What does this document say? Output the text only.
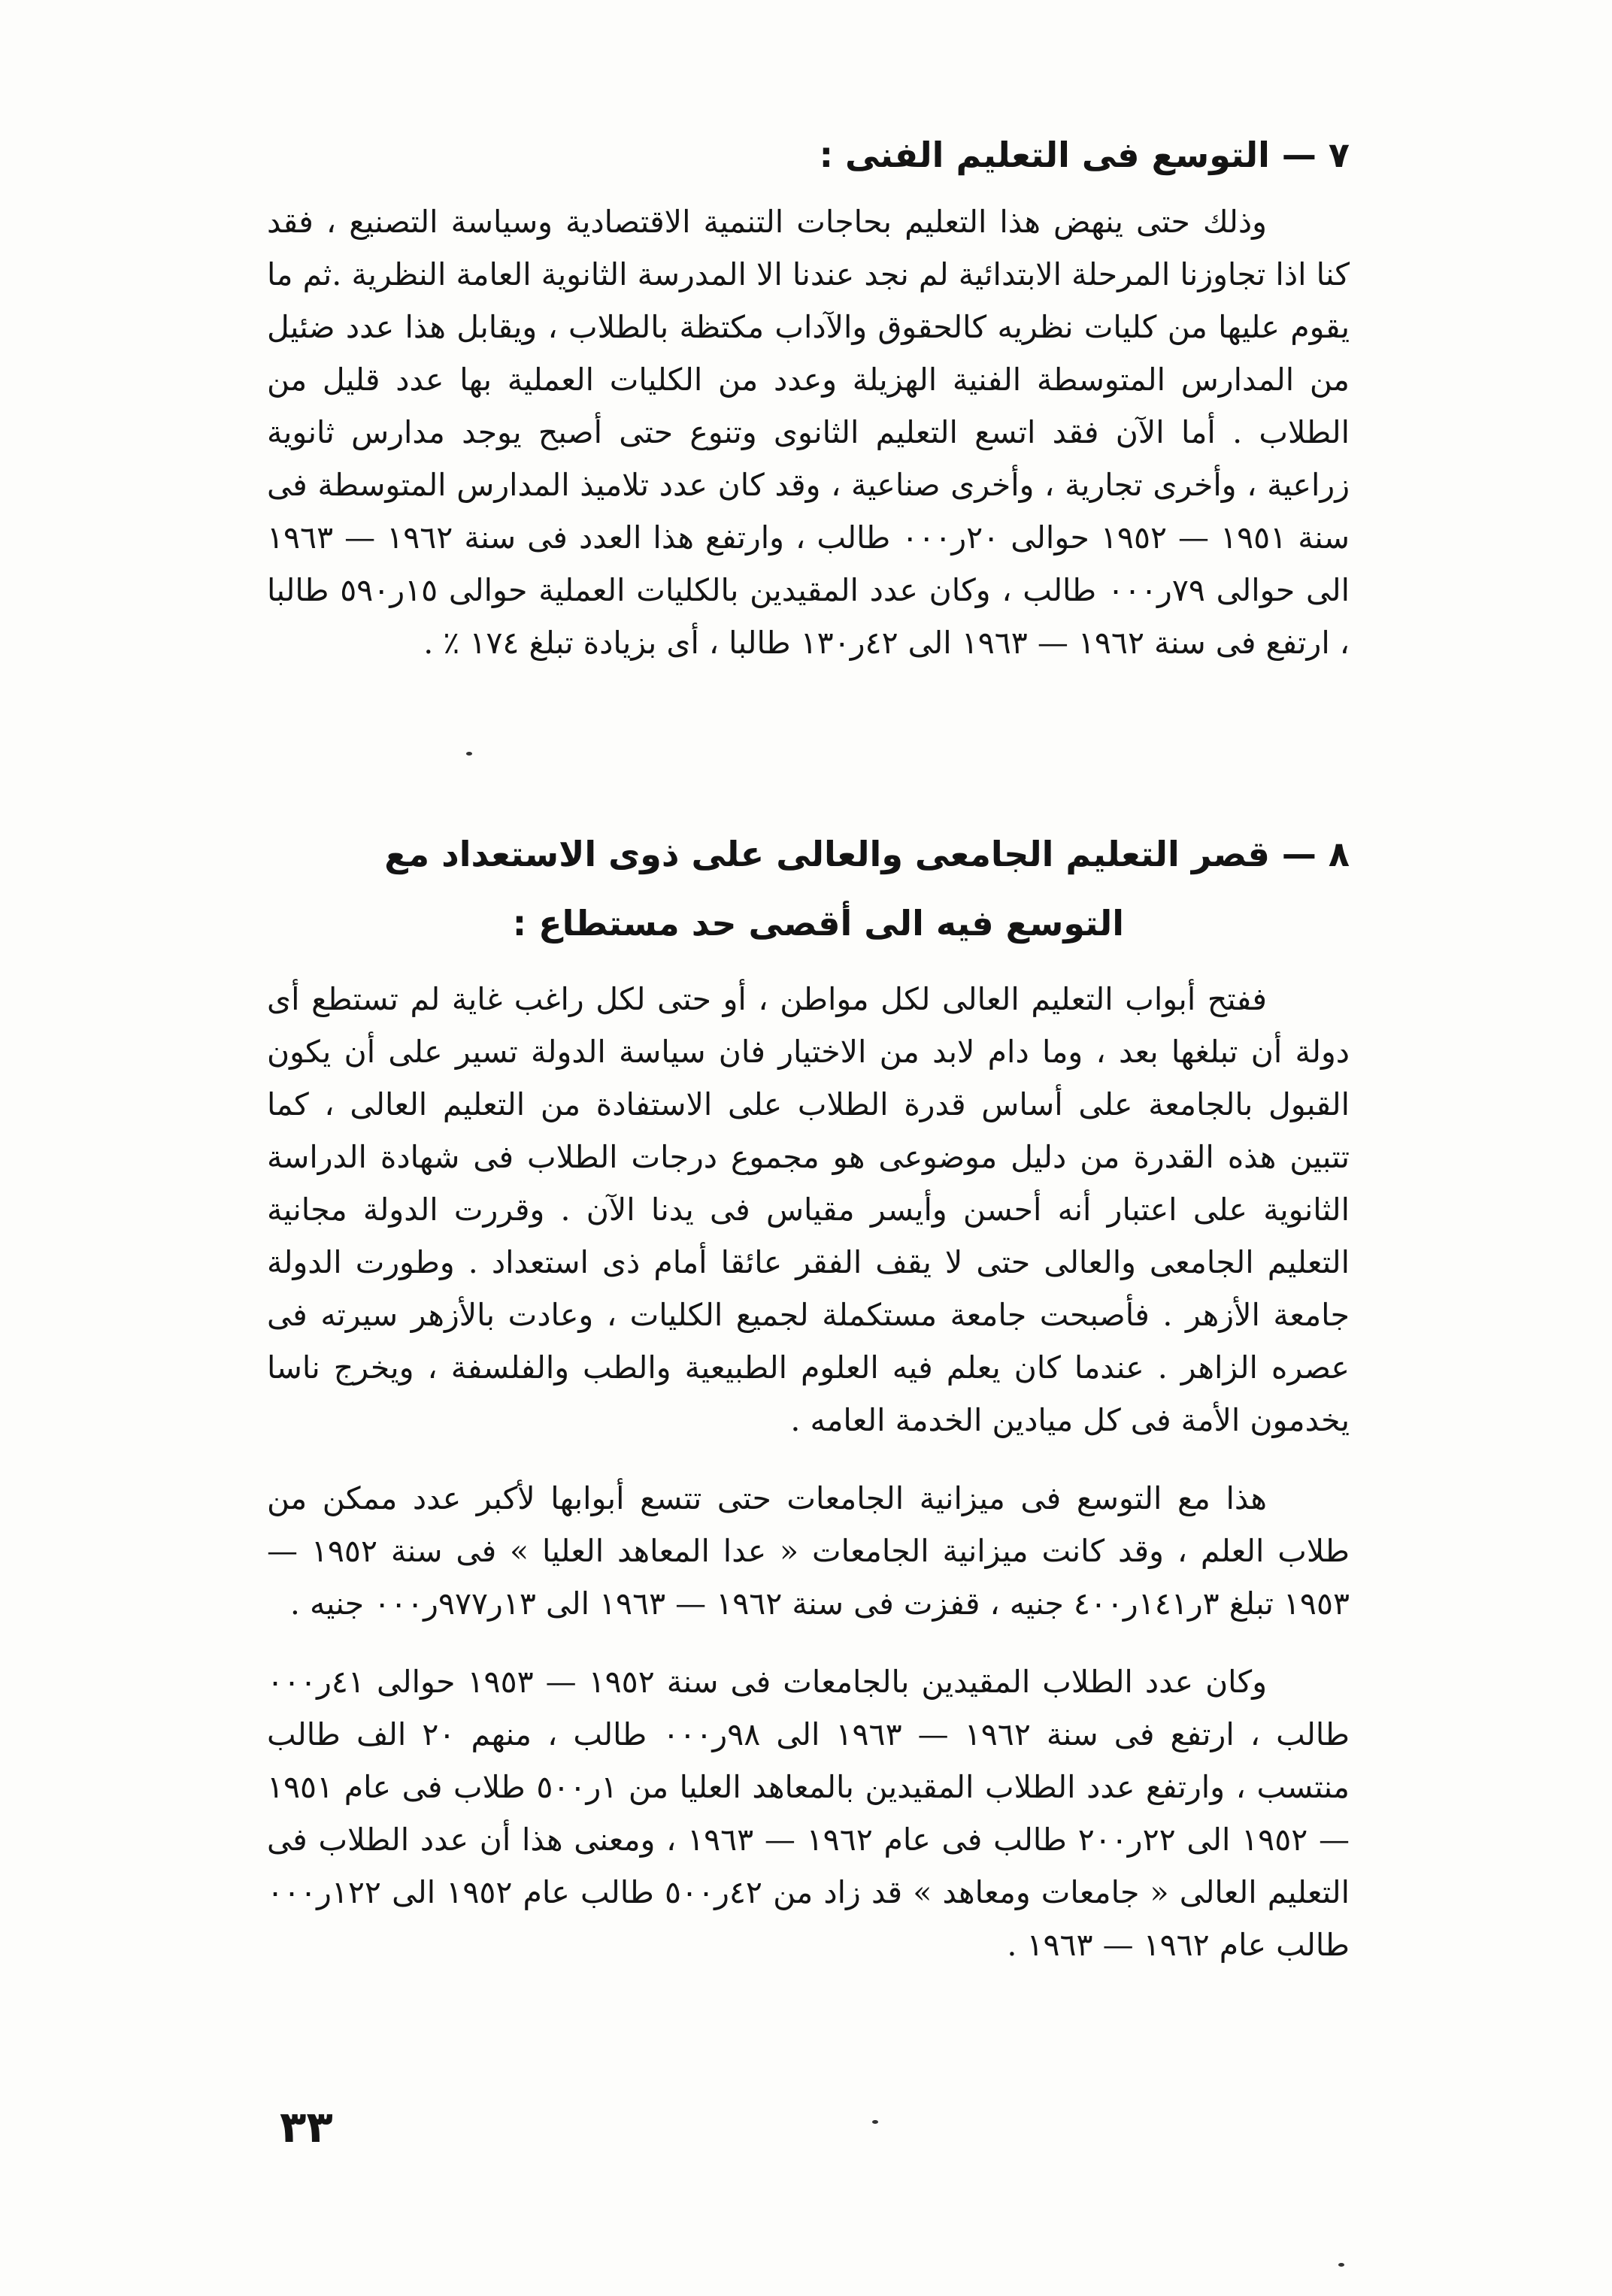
٧ — التوسع فى التعليم الفنى :

وذلك حتى ينهض هذا التعليم بحاجات التنمية الاقتصادية وسياسة التصنيع ، فقد كنا اذا تجاوزنا المرحلة الابتدائية لم نجد عندنا الا المدرسة الثانوية العامة النظرية .ثم ما يقوم عليها من كليات نظريه كالحقوق والآداب مكتظة بالطلاب ، ويقابل هذا عدد ضئيل من المدارس المتوسطة الفنية الهزيلة وعدد من الكليات العملية بها عدد قليل من الطلاب . أما الآن فقد اتسع التعليم الثانوى وتنوع حتى أصبح يوجد مدارس ثانوية زراعية ، وأخرى تجارية ، وأخرى صناعية ، وقد كان عدد تلاميذ المدارس المتوسطة فى سنة ١٩٥١ — ١٩٥٢ حوالى ٢٠ر٠٠٠ طالب ، وارتفع هذا العدد فى سنة ١٩٦٢ — ١٩٦٣ الى حوالى ٧٩ر٠٠٠ طالب ، وكان عدد المقيدين بالكليات العملية حوالى ١٥ر٥٩٠ طالبا ، ارتفع فى سنة ١٩٦٢ — ١٩٦٣ الى ٤٢ر١٣٠ طالبا ، أى بزيادة تبلغ ١٧٤ ٪ .

٨ — قصر التعليم الجامعى والعالى على ذوى الاستعداد مع
التوسع فيه الى أقصى حد مستطاع :

ففتح أبواب التعليم العالى لكل مواطن ، أو حتى لكل راغب غاية لم تستطع أى دولة أن تبلغها بعد ، وما دام لابد من الاختيار فان سياسة الدولة تسير على أن يكون القبول بالجامعة على أساس قدرة الطلاب على الاستفادة من التعليم العالى ، كما تتبين هذه القدرة من دليل موضوعى هو مجموع درجات الطلاب فى شهادة الدراسة الثانوية على اعتبار أنه أحسن وأيسر مقياس فى يدنا الآن . وقررت الدولة مجانية التعليم الجامعى والعالى حتى لا يقف الفقر عائقا أمام ذى استعداد . وطورت الدولة جامعة الأزهر . فأصبحت جامعة مستكملة لجميع الكليات ، وعادت بالأزهر سيرته فى عصره الزاهر . عندما كان يعلم فيه العلوم الطبيعية والطب والفلسفة ، ويخرج ناسا يخدمون الأمة فى كل ميادين الخدمة العامه .

هذا مع التوسع فى ميزانية الجامعات حتى تتسع أبوابها لأكبر عدد ممكن من طلاب العلم ، وقد كانت ميزانية الجامعات « عدا المعاهد العليا » فى سنة ١٩٥٢ — ١٩٥٣ تبلغ ٣ر١٤١ر٤٠٠ جنيه ، قفزت فى سنة ١٩٦٢ — ١٩٦٣ الى ١٣ر٩٧٧ر٠٠٠ جنيه .

وكان عدد الطلاب المقيدين بالجامعات فى سنة ١٩٥٢ — ١٩٥٣ حوالى ٤١ر٠٠٠ طالب ، ارتفع فى سنة ١٩٦٢ — ١٩٦٣ الى ٩٨ر٠٠٠ طالب ، منهم ٢٠ الف طالب منتسب ، وارتفع عدد الطلاب المقيدين بالمعاهد العليا من ١ر٥٠٠ طلاب فى عام ١٩٥١ — ١٩٥٢ الى ٢٢ر٢٠٠ طالب فى عام ١٩٦٢ — ١٩٦٣ ، ومعنى هذا أن عدد الطلاب فى التعليم العالى « جامعات ومعاهد » قد زاد من ٤٢ر٥٠٠ طالب عام ١٩٥٢ الى ١٢٢ر٠٠٠ طالب عام ١٩٦٢ — ١٩٦٣ .

٣٣
